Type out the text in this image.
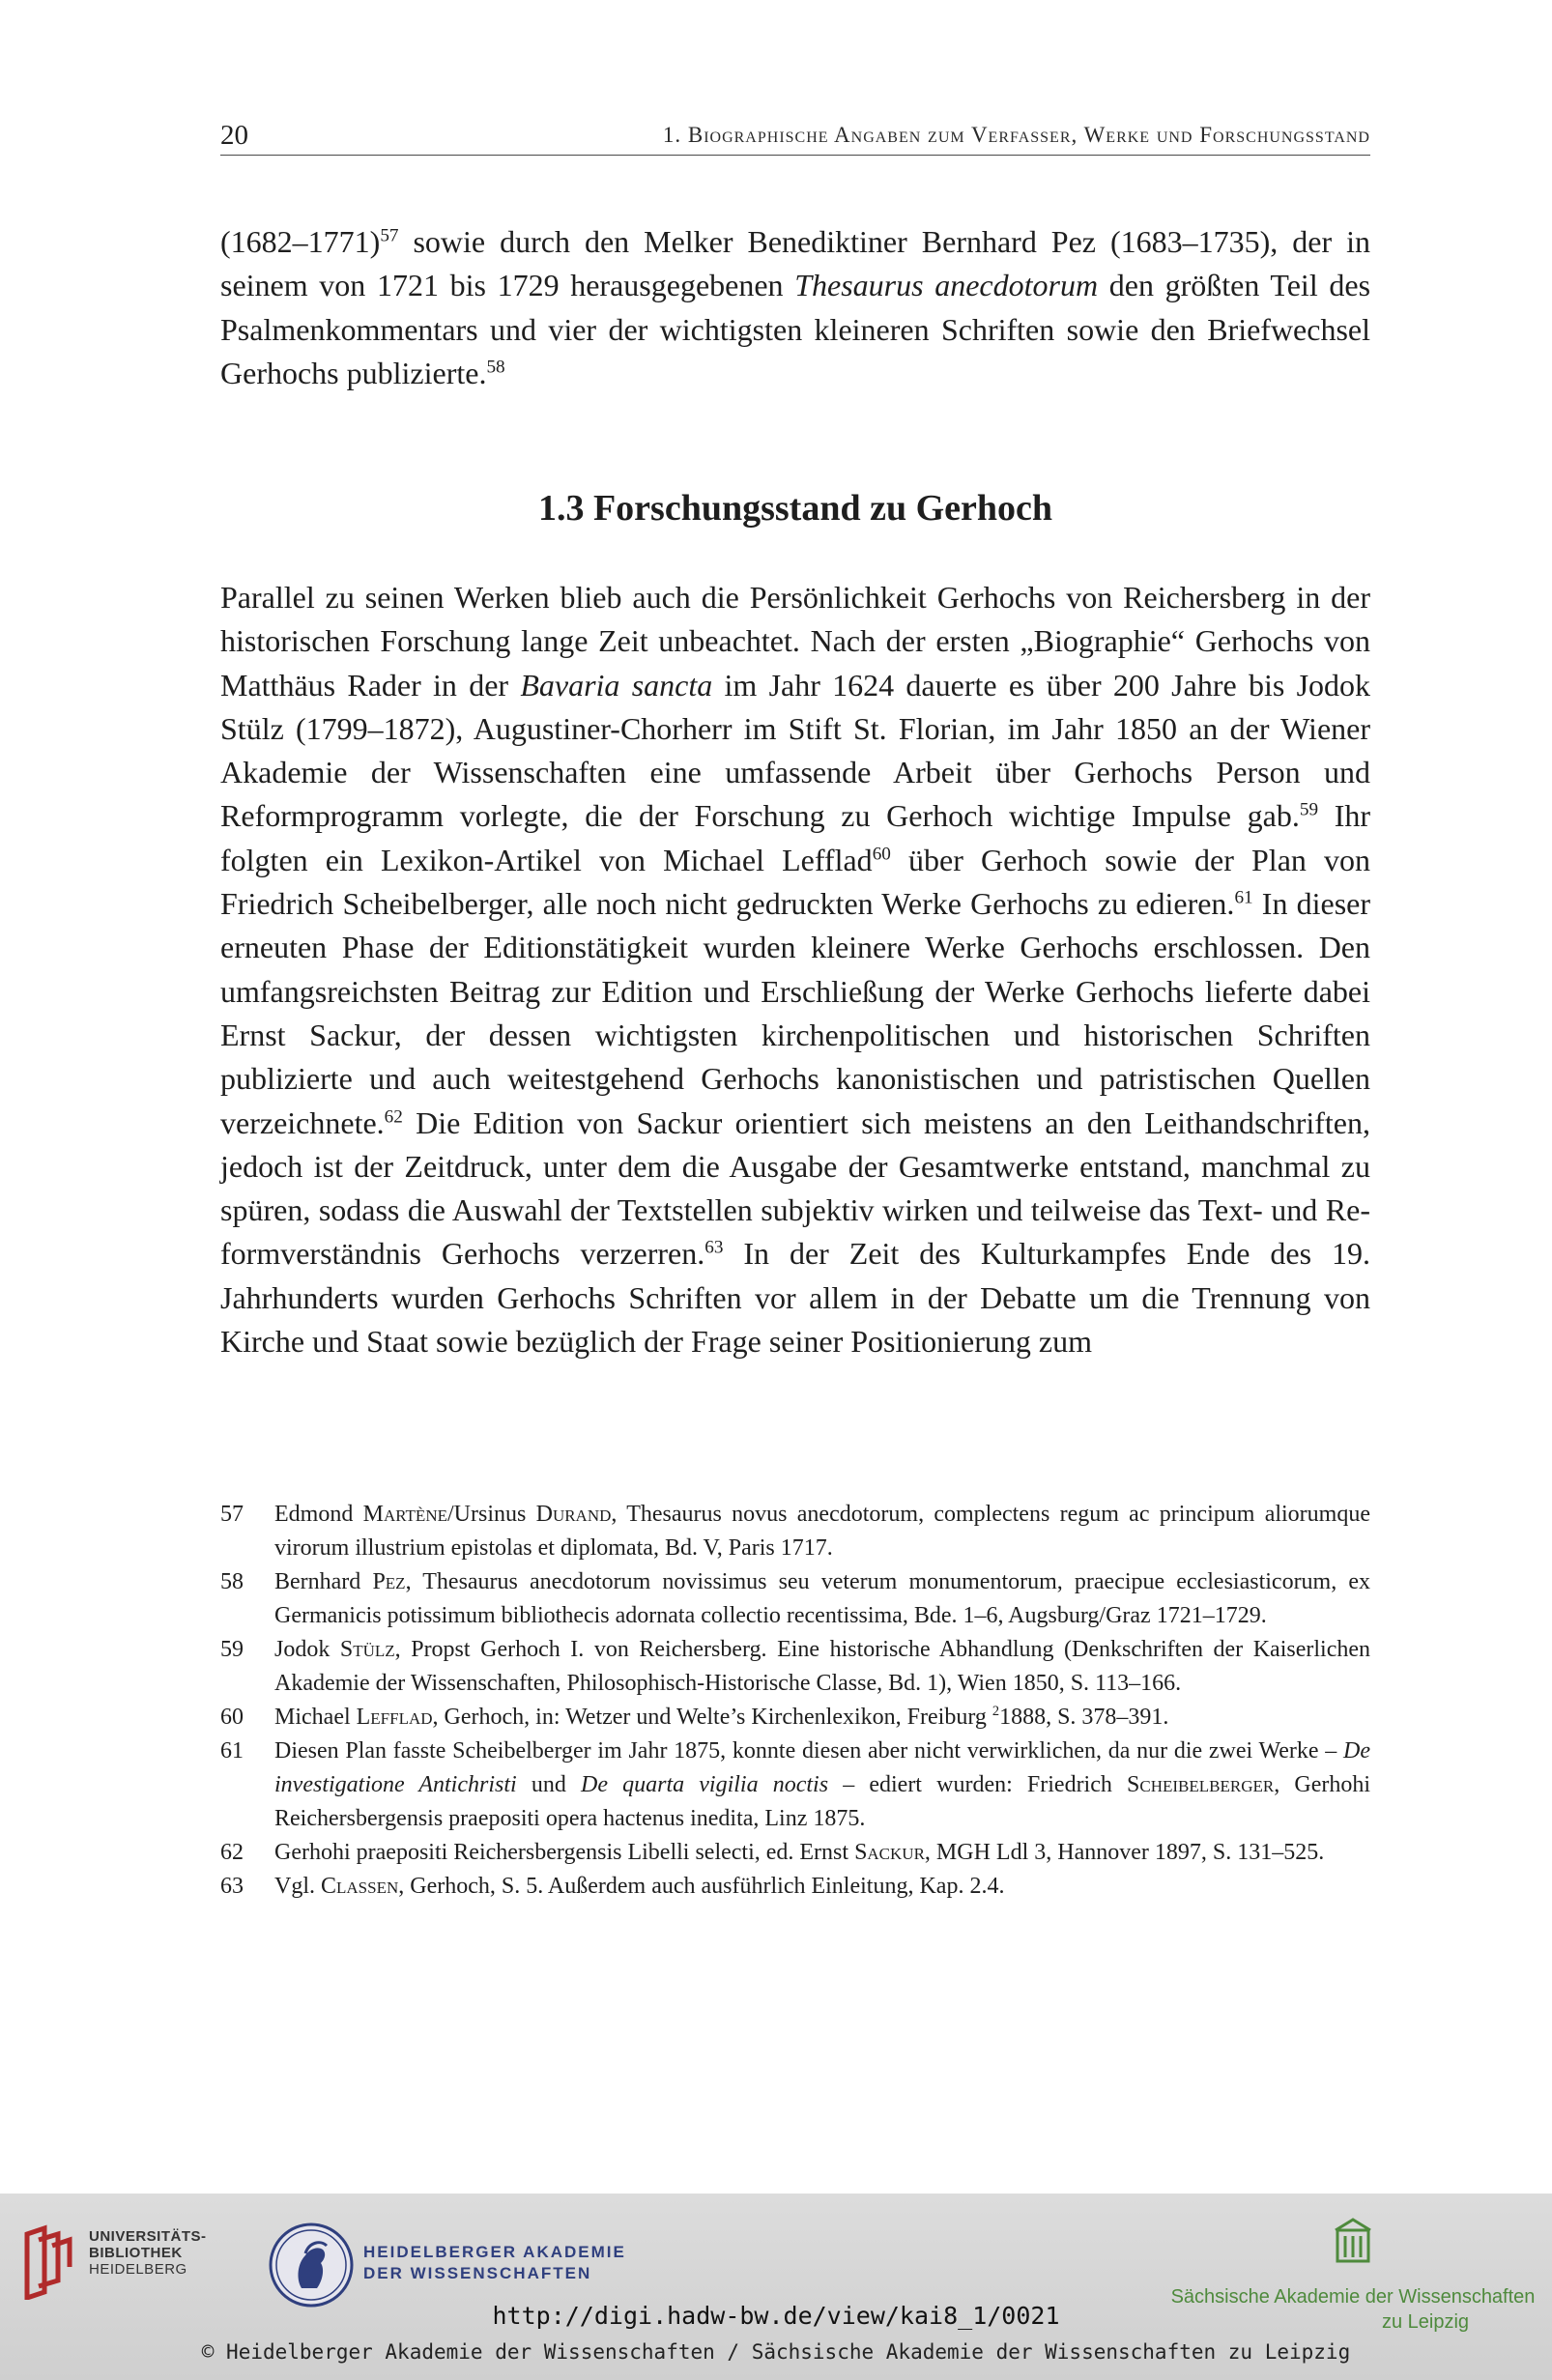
20	1. Biographische Angaben zum Verfasser, Werke und Forschungsstand

(1682–1771)$^{57}$ sowie durch den Melker Benediktiner Bernhard Pez (1683–1735), der in seinem von 1721 bis 1729 herausgegebenen Thesaurus anecdotorum den größten Teil des Psalmenkommentars und vier der wichtigsten kleineren Schriften sowie den Briefwechsel Gerhochs publizierte.$^{58}$

1.3 Forschungsstand zu Gerhoch

Parallel zu seinen Werken blieb auch die Persönlichkeit Gerhochs von Reichersberg in der historischen Forschung lange Zeit unbeachtet. Nach der ersten „Biographie“ Gerhochs von Matthäus Rader in der Bavaria sancta im Jahr 1624 dauerte es über 200 Jahre bis Jodok Stülz (1799–1872), Augustiner-Chorherr im Stift St. Florian, im Jahr 1850 an der Wiener Akademie der Wissenschaften eine umfassende Arbeit über Gerhochs Person und Reformprogramm vorlegte, die der Forschung zu Gerhoch wichtige Impulse gab.$^{59}$ Ihr folgten ein Lexikon-Artikel von Michael Lefflad$^{60}$ über Gerhoch sowie der Plan von Friedrich Scheibelberger, alle noch nicht gedruckten Werke Gerhochs zu edieren.$^{61}$ In dieser erneuten Phase der Editionstätigkeit wurden kleinere Werke Gerhochs erschlossen. Den umfangsreichsten Beitrag zur Edition und Erschließung der Werke Gerhochs lieferte dabei Ernst Sackur, der dessen wichtigsten kirchenpolitischen und historischen Schriften publizierte und auch weitestgehend Gerhochs kanonistischen und patristischen Quellen verzeichnete.$^{62}$ Die Edition von Sackur orientiert sich meistens an den Leithandschriften, jedoch ist der Zeitdruck, unter dem die Ausgabe der Gesamtwerke entstand, manchmal zu spüren, sodass die Auswahl der Textstellen subjektiv wirken und teilweise das Text- und Reformverständnis Gerhochs verzerren.$^{63}$ In der Zeit des Kulturkampfes Ende des 19. Jahrhunderts wurden Gerhochs Schriften vor allem in der Debatte um die Trennung von Kirche und Staat sowie bezüglich der Frage seiner Positionierung zum

57 Edmond Martène/Ursinus Durand, Thesaurus novus anecdotorum, complectens regum ac principum aliorumque virorum illustrium epistolas et diplomata, Bd. V, Paris 1717.

58 Bernhard Pez, Thesaurus anecdotorum novissimus seu veterum monumentorum, praecipue ecclesiasticorum, ex Germanicis potissimum bibliothecis adornata collectio recentissima, Bde. 1–6, Augsburg/Graz 1721–1729.

59 Jodok Stülz, Propst Gerhoch I. von Reichersberg. Eine historische Abhandlung (Denkschriften der Kaiserlichen Akademie der Wissenschaften, Philosophisch-Historische Classe, Bd. 1), Wien 1850, S. 113–166.

60 Michael Lefflad, Gerhoch, in: Wetzer und Welte’s Kirchenlexikon, Freiburg $^2$1888, S. 378–391.

61 Diesen Plan fasste Scheibelberger im Jahr 1875, konnte diesen aber nicht verwirklichen, da nur die zwei Werke – De investigatione Antichristi und De quarta vigilia noctis – ediert wurden: Friedrich Scheibelberger, Gerhohi Reichersbergensis praepositi opera hactenus inedita, Linz 1875.

62 Gerhohi praepositi Reichersbergensis Libelli selecti, ed. Ernst Sackur, MGH Ldl 3, Hannover 1897, S. 131–525.

63 Vgl. Classen, Gerhoch, S. 5. Außerdem auch ausführlich Einleitung, Kap. 2.4.

UNIVERSITÄTS-
BIBLIOTHEK
HEIDELBERG
HEIDELBERGER AKADEMIE
DER WISSENSCHAFTEN
Sächsische Akademie der Wissenschaften
zu Leipzig
http://digi.hadw-bw.de/view/kai8_1/0021
© Heidelberger Akademie der Wissenschaften / Sächsische Akademie der Wissenschaften zu Leipzig
